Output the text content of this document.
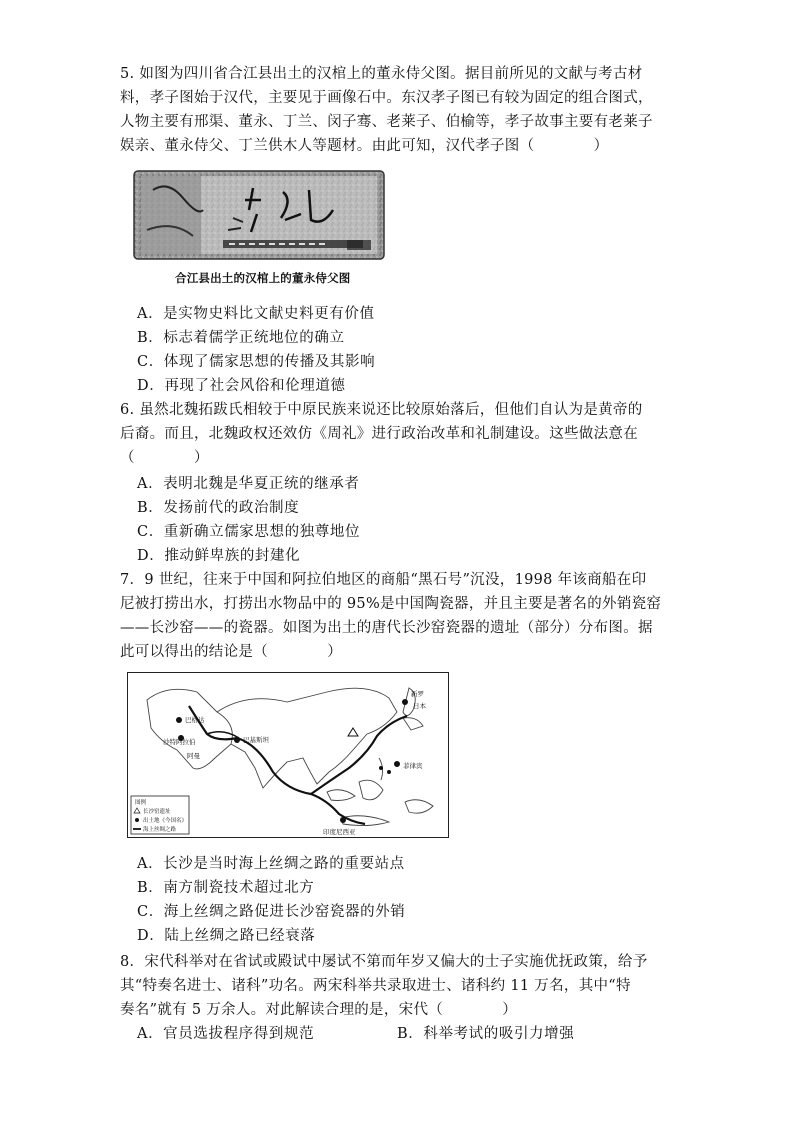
5. 如图为四川省合江县出土的汉棺上的董永侍父图。据目前所见的文献与考古材

料，孝子图始于汉代，主要见于画像石中。东汉孝子图已有较为固定的组合图式，

人物主要有邢渠、董永、丁兰、闵子骞、老莱子、伯榆等，孝子故事主要有老莱子

娱亲、董永侍父、丁兰供木人等题材。由此可知，汉代孝子图（　　　　）

合江县出土的汉棺上的董永侍父图
A．是实物史料比文献史料更有价值
B．标志着儒学正统地位的确立
C．体现了儒家思想的传播及其影响
D．再现了社会风俗和伦理道德

6. 虽然北魏拓跋氏相较于中原民族来说还比较原始落后，但他们自认为是黄帝的

后裔。而且，北魏政权还效仿《周礼》进行政治改革和礼制建设。这些做法意在

（　　　　）

A．表明北魏是华夏正统的继承者
B．发扬前代的政治制度
C．重新确立儒家思想的独尊地位
D．推动鲜卑族的封建化

7．9 世纪，往来于中国和阿拉伯地区的商船“黑石号”沉没，1998 年该商船在印

尼被打捞出水，打捞出水物品中的 95%是中国陶瓷器，并且主要是著名的外销瓷窑

——长沙窑——的瓷器。如图为出土的唐代长沙窑瓷器的遗址（部分）分布图。据

此可以得出的结论是（　　　　）

巴格达
沙特阿拉伯
阿曼
巴基斯坦
新罗
日本
菲律宾
印度尼西亚
图例
长沙窑遗址
出土地《今国名》
海上丝绸之路
A．长沙是当时海上丝绸之路的重要站点
B．南方制瓷技术超过北方
C．海上丝绸之路促进长沙窑瓷器的外销
D．陆上丝绸之路已经衰落

8．宋代科举对在省试或殿试中屡试不第而年岁又偏大的士子实施优抚政策，给予

其“特奏名进士、诸科”功名。两宋科举共录取进士、诸科约 11 万名，其中“特

奏名”就有 5 万余人。对此解读合理的是，宋代（　　　　）

A．官员选拔程序得到规范	B．科举考试的吸引力增强
